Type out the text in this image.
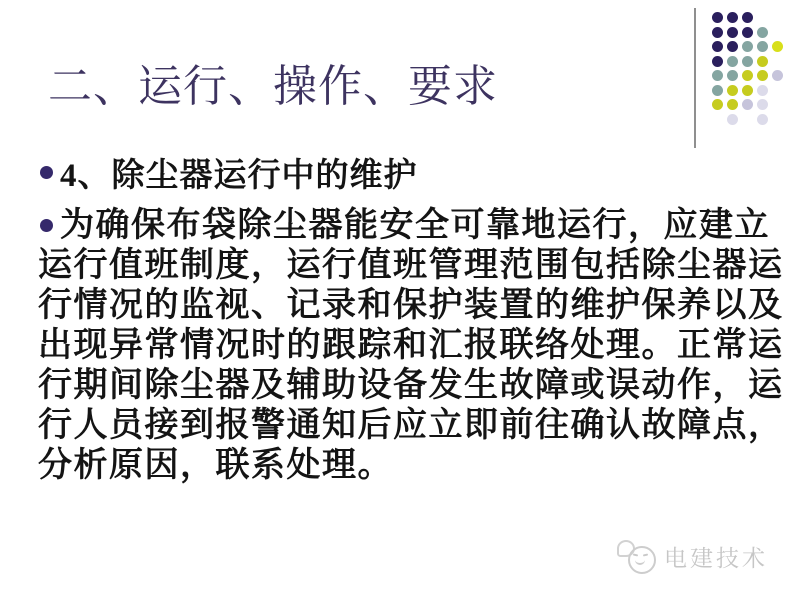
二、运行、操作、要求
4、除尘器运行中的维护
为确保布袋除尘器能安全可靠地运行，应建立
运行值班制度，运行值班管理范围包括除尘器运
行情况的监视、记录和保护装置的维护保养以及
出现异常情况时的跟踪和汇报联络处理。正常运
行期间除尘器及辅助设备发生故障或误动作，运
行人员接到报警通知后应立即前往确认故障点，
分析原因，联系处理。
电建技术
